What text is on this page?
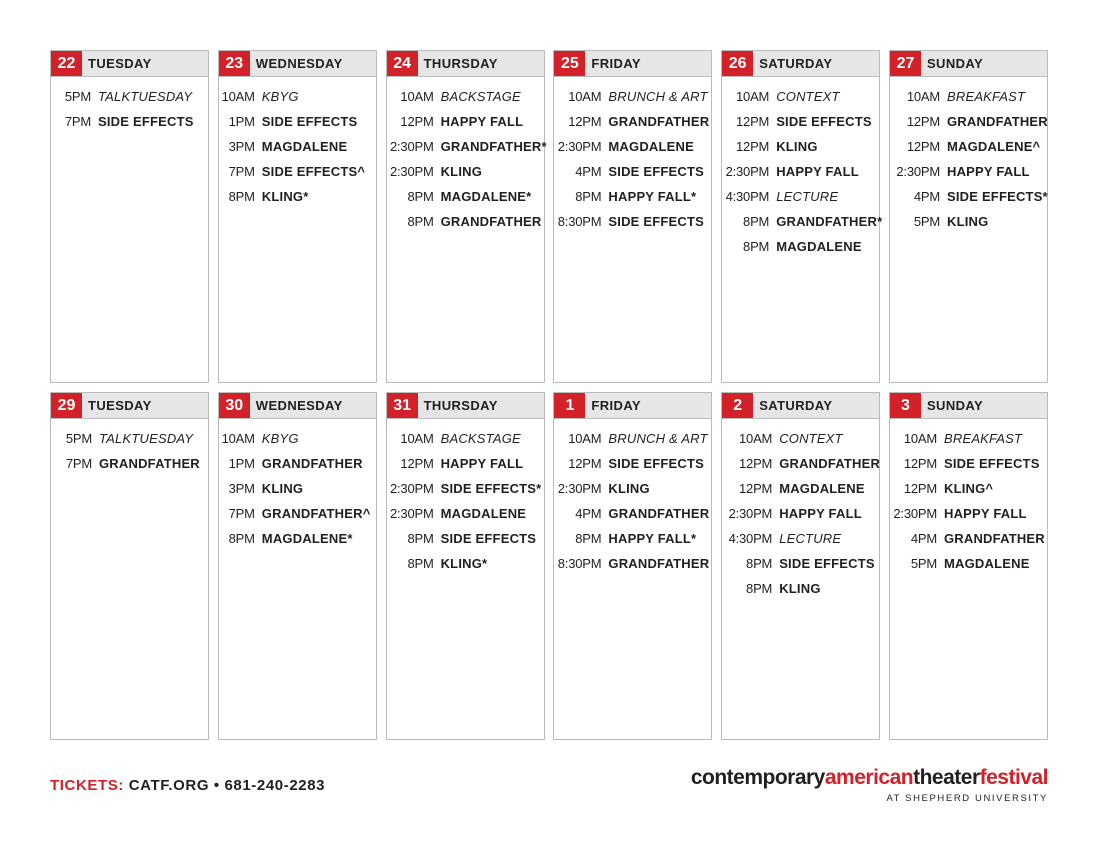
22 TUESDAY
5PM TALKTUESDAY
7PM SIDE EFFECTS
23 WEDNESDAY
10AM KBYG
1PM SIDE EFFECTS
3PM MAGDALENE
7PM SIDE EFFECTS^
8PM KLING*
24 THURSDAY
10AM BACKSTAGE
12PM HAPPY FALL
2:30PM GRANDFATHER*
2:30PM KLING
8PM MAGDALENE*
8PM GRANDFATHER
25 FRIDAY
10AM BRUNCH & ART
12PM GRANDFATHER
2:30PM MAGDALENE
4PM SIDE EFFECTS
8PM HAPPY FALL*
8:30PM SIDE EFFECTS
26 SATURDAY
10AM CONTEXT
12PM SIDE EFFECTS
12PM KLING
2:30PM HAPPY FALL
4:30PM LECTURE
8PM GRANDFATHER*
8PM MAGDALENE
27 SUNDAY
10AM BREAKFAST
12PM GRANDFATHER
12PM MAGDALENE^
2:30PM HAPPY FALL
4PM SIDE EFFECTS*
5PM KLING
29 TUESDAY
5PM TALKTUESDAY
7PM GRANDFATHER
30 WEDNESDAY
10AM KBYG
1PM GRANDFATHER
3PM KLING
7PM GRANDFATHER^
8PM MAGDALENE*
31 THURSDAY
10AM BACKSTAGE
12PM HAPPY FALL
2:30PM SIDE EFFECTS*
2:30PM MAGDALENE
8PM SIDE EFFECTS
8PM KLING*
1	FRIDAY
10AM BRUNCH & ART
12PM SIDE EFFECTS
2:30PM KLING
4PM GRANDFATHER
8PM HAPPY FALL*
8:30PM GRANDFATHER
2	SATURDAY
10AM CONTEXT
12PM GRANDFATHER
12PM MAGDALENE
2:30PM HAPPY FALL
4:30PM LECTURE
8PM SIDE EFFECTS
8PM KLING
3	SUNDAY
10AM BREAKFAST
12PM SIDE EFFECTS
12PM KLING^
2:30PM HAPPY FALL
4PM GRANDFATHER
5PM MAGDALENE
TICKETS: CATF.ORG • 681-240-2283	contemporaryamericantheaterfestival
AT SHEPHERD UNIVERSITY
